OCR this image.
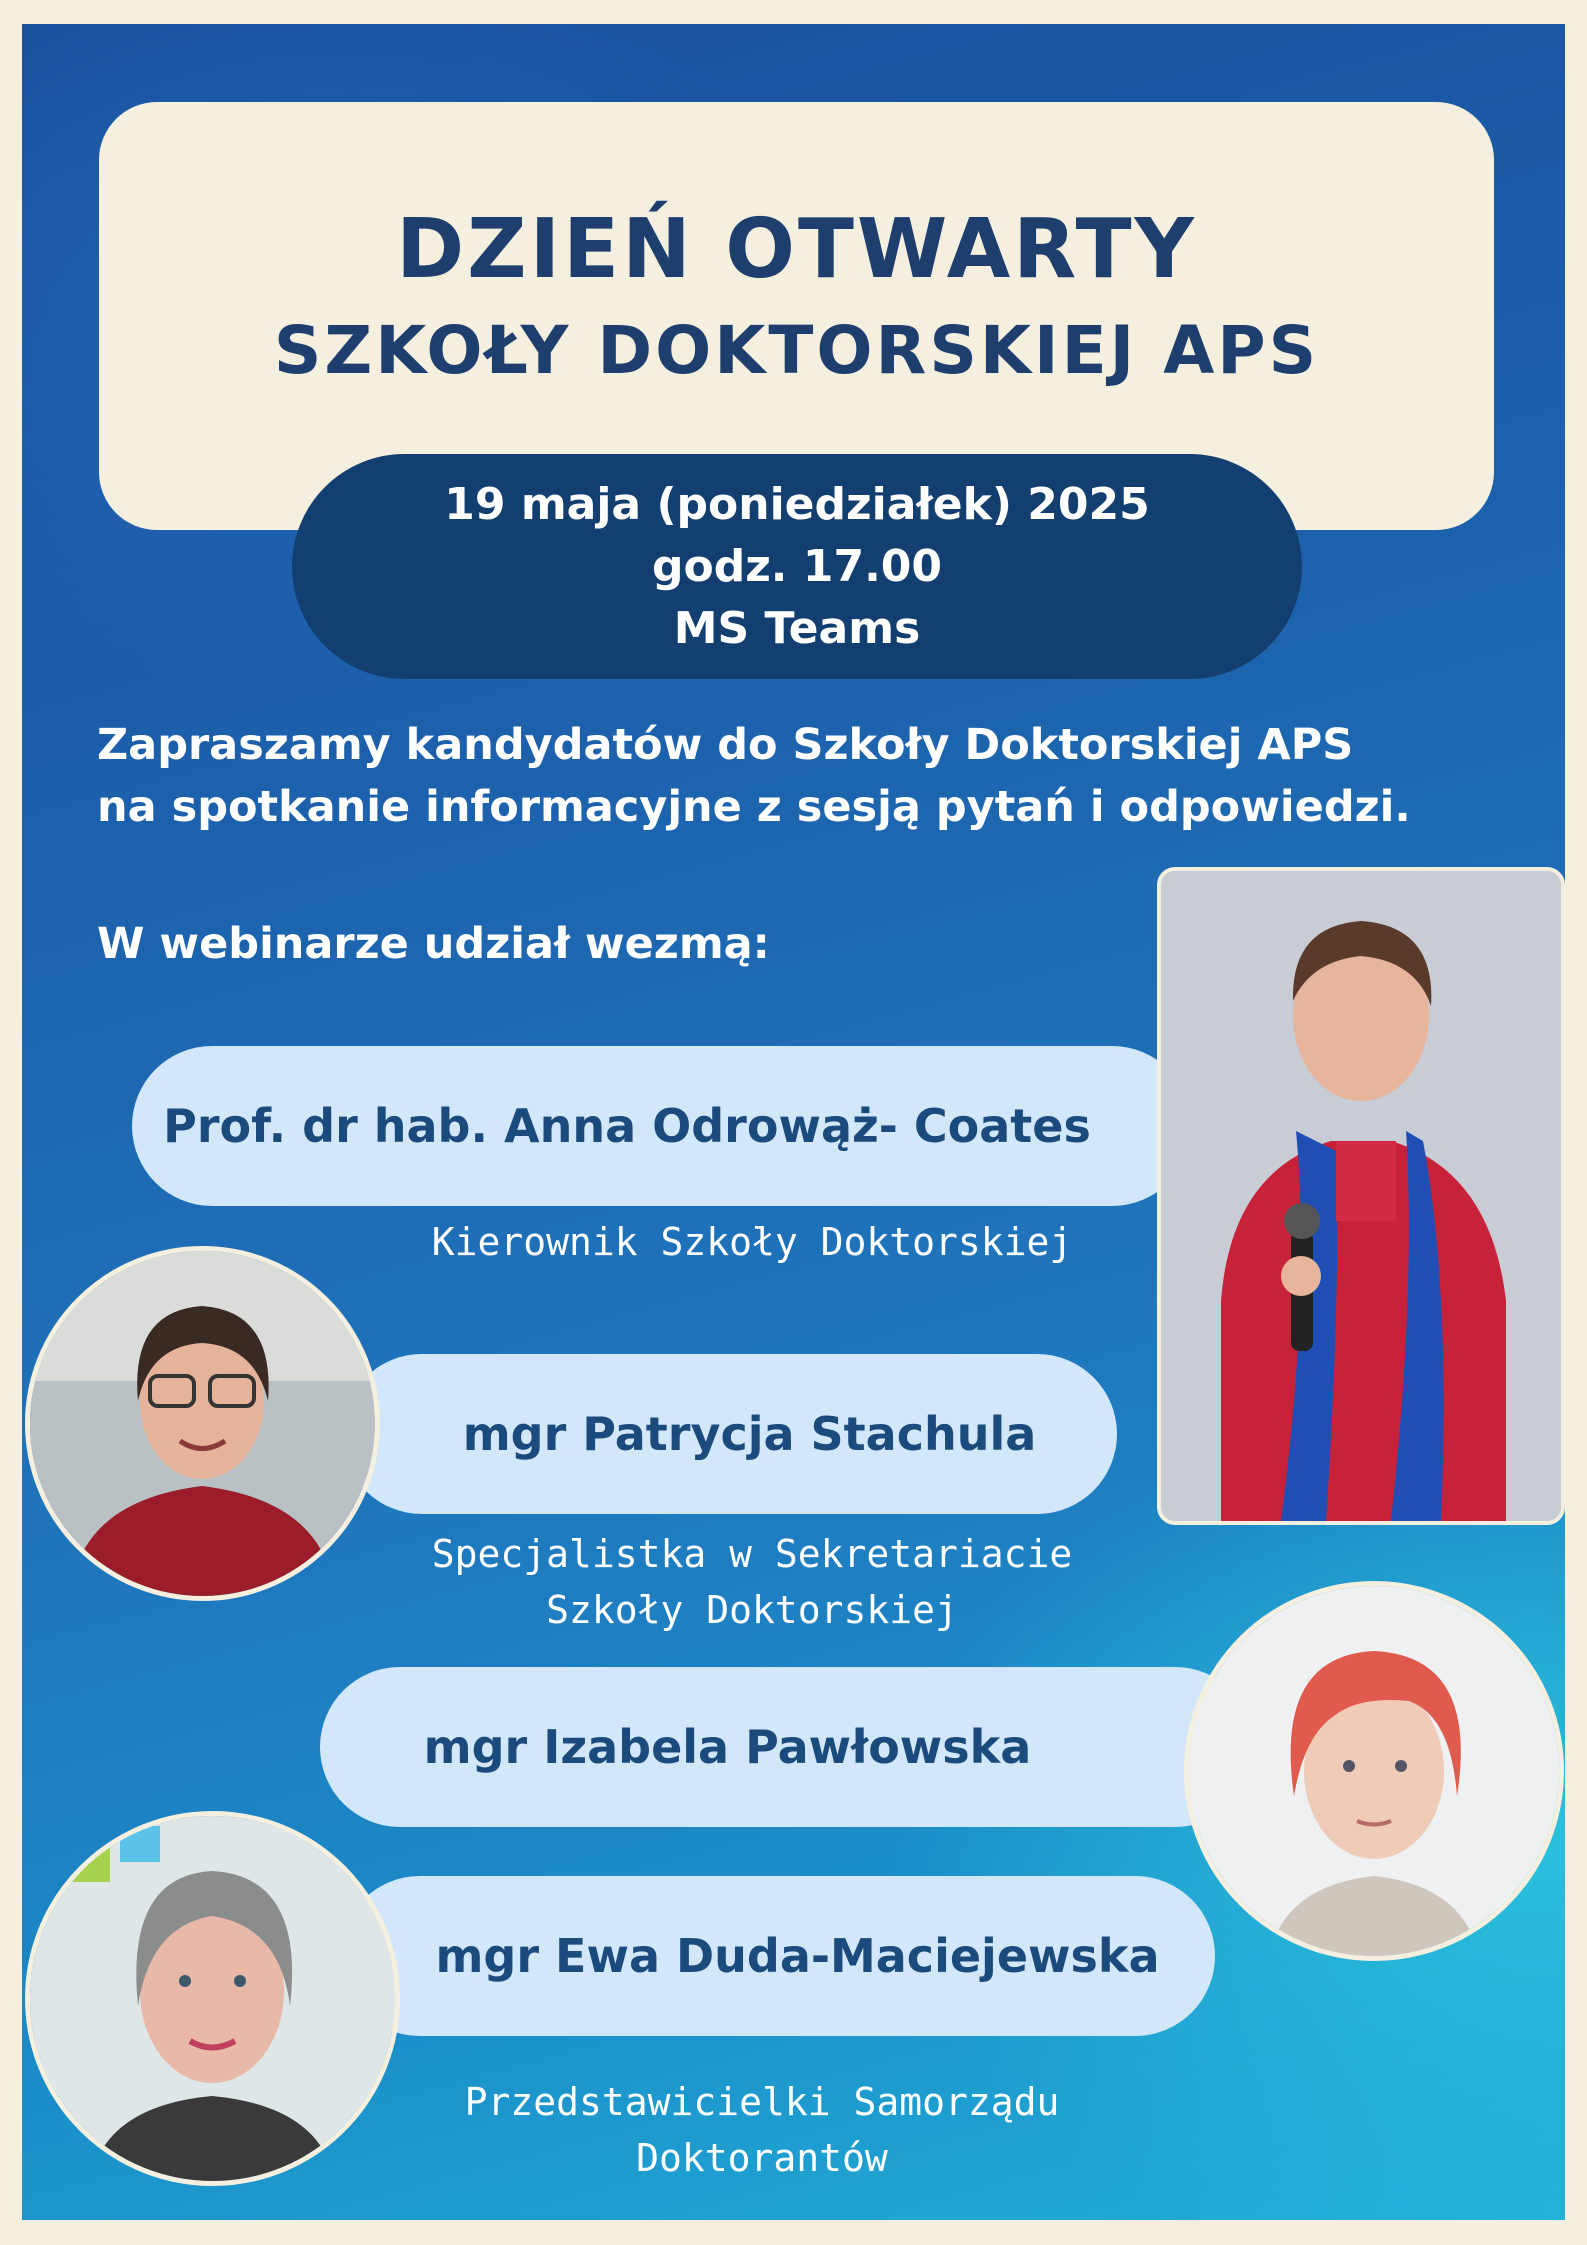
DZIEŃ OTWARTY
SZKOŁY DOKTORSKIEJ APS
19 maja (poniedziałek) 2025
godz. 17.00
MS Teams
Zapraszamy kandydatów do Szkoły Doktorskiej APS
na spotkanie informacyjne z sesją pytań i odpowiedzi.
W webinarze udział wezmą:
Prof. dr hab. Anna Odrowąż- Coates
Kierownik Szkoły Doktorskiej
mgr Patrycja Stachula
Specjalistka w Sekretariacie
Szkoły Doktorskiej
mgr Izabela Pawłowska
mgr Ewa Duda-Maciejewska
Przedstawicielki Samorządu
Doktorantów
